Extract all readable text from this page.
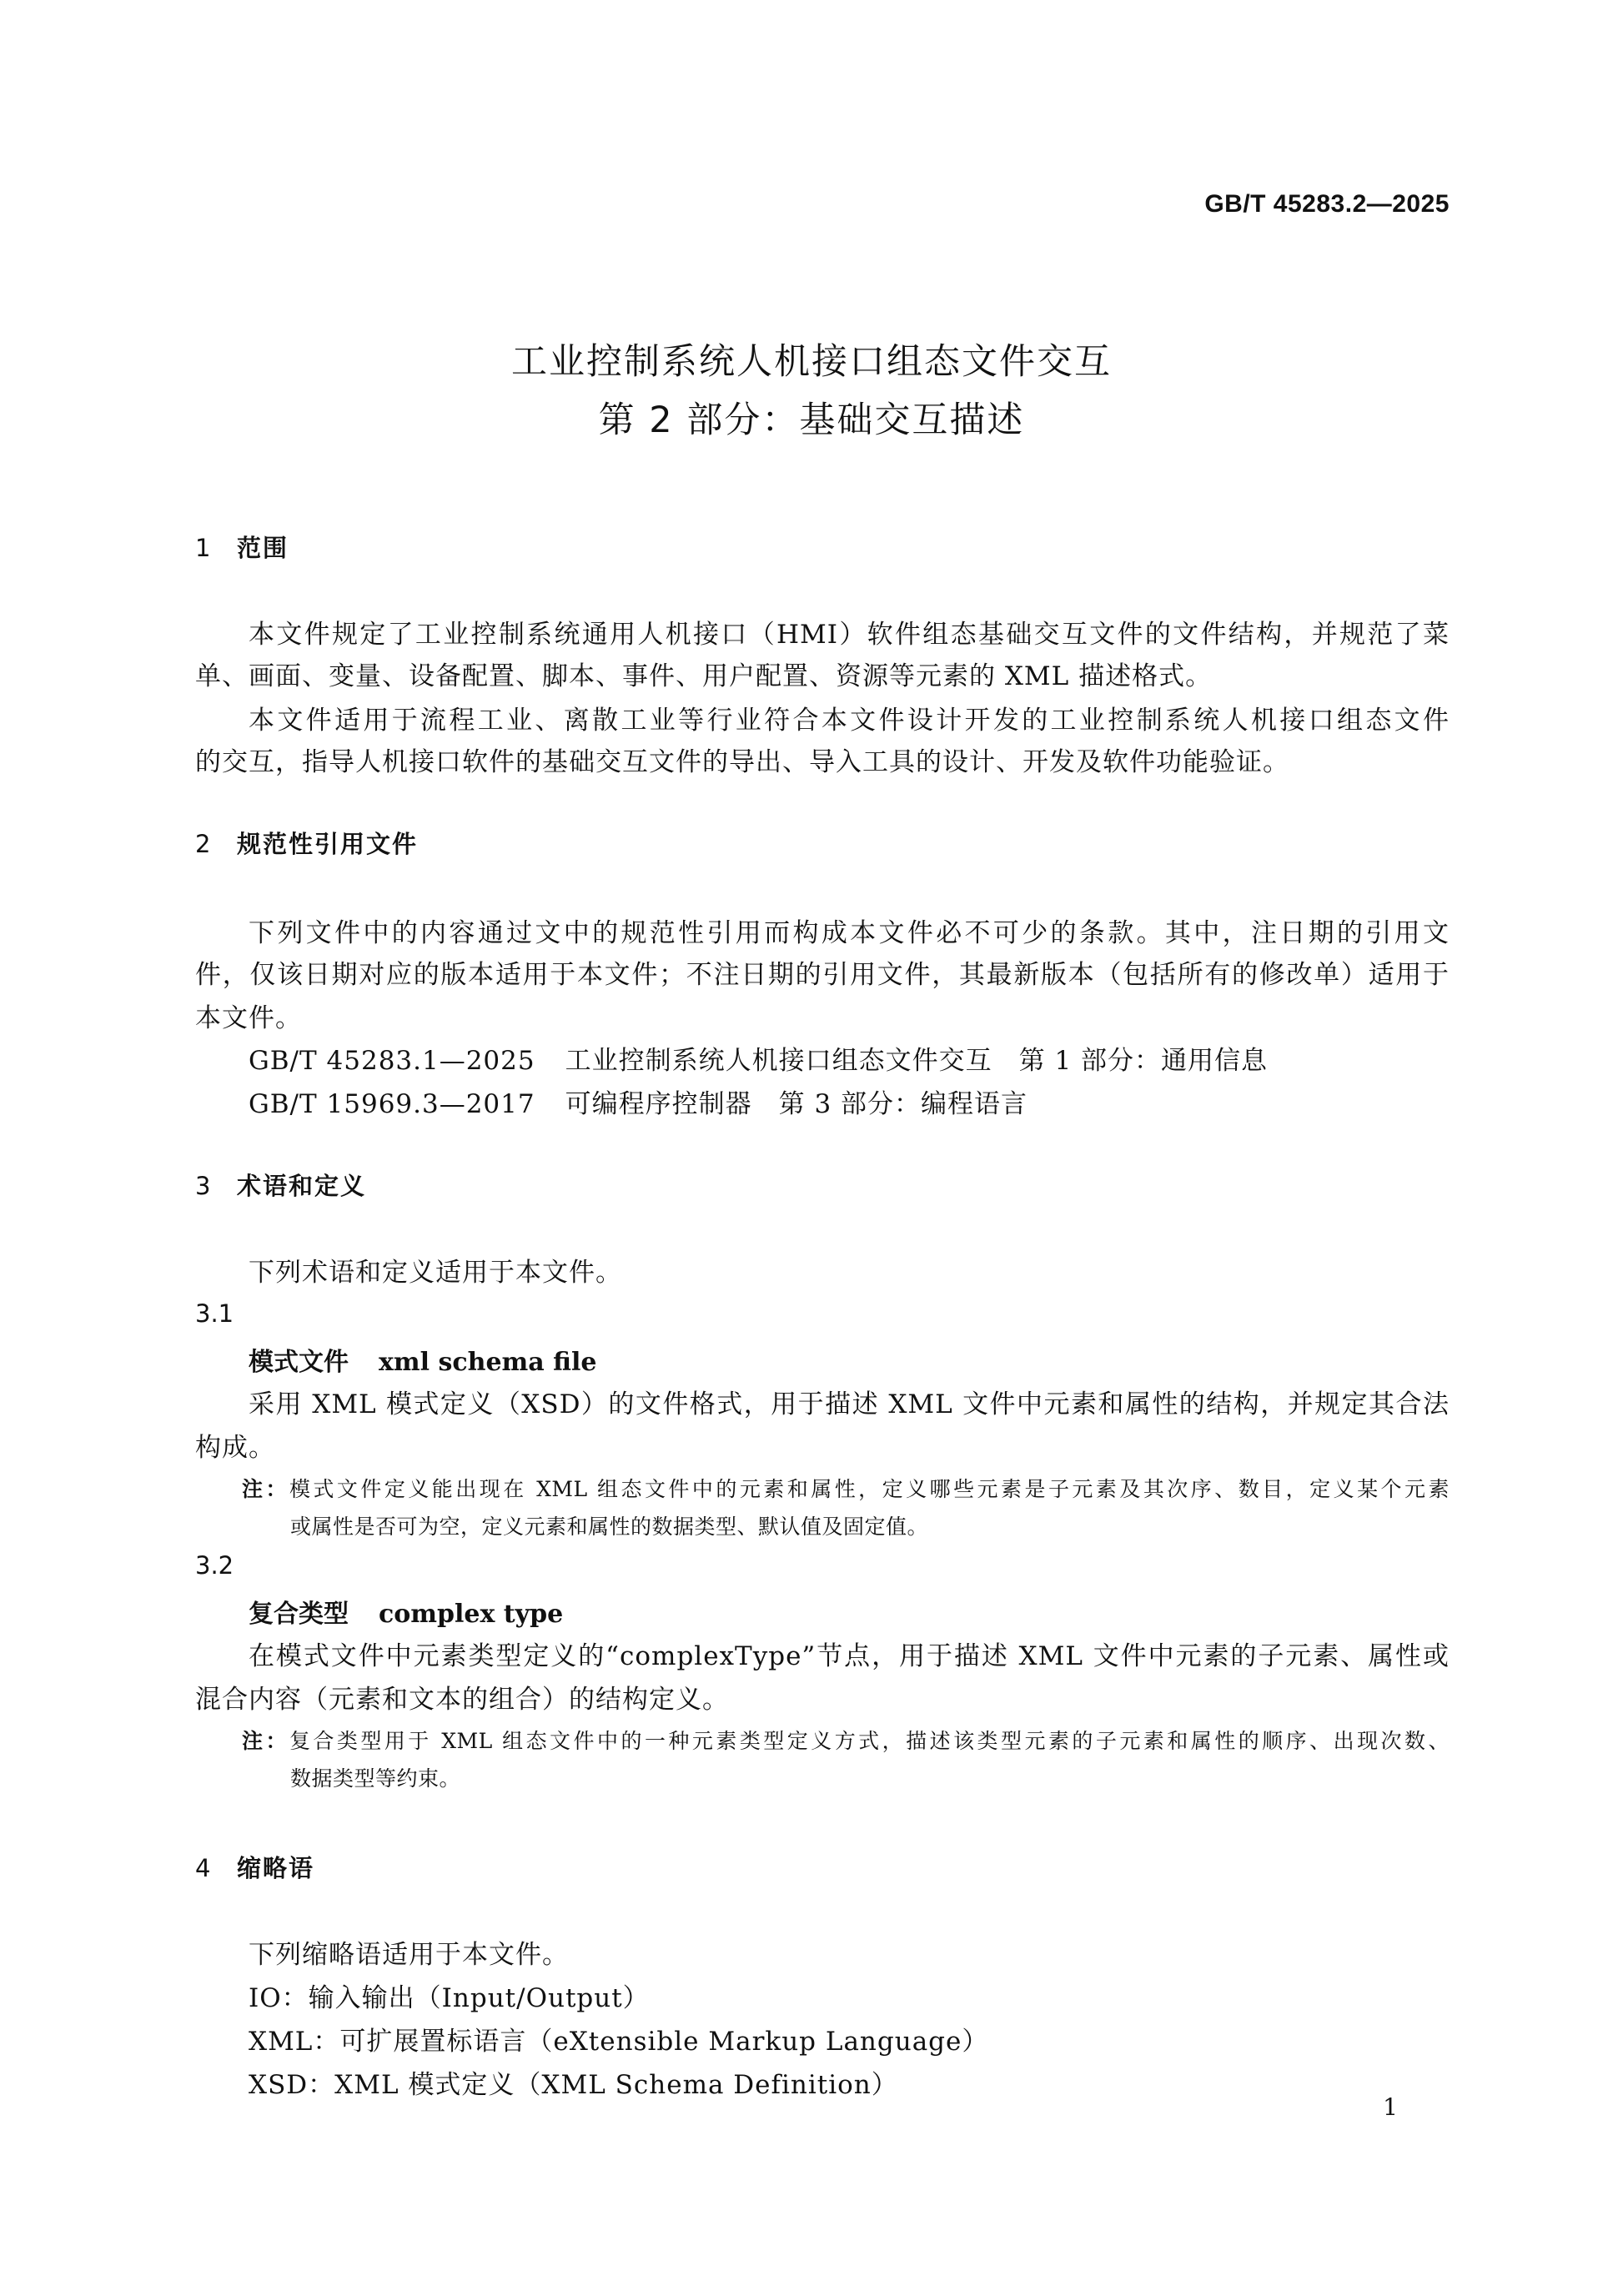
GB/T 45283.2—2025
工业控制系统人机接口组态文件交互
第 2 部分：基础交互描述
1 范围
本文件规定了工业控制系统通用人机接口（HMI）软件组态基础交互文件的文件结构，并规范了菜
单、画面、变量、设备配置、脚本、事件、用户配置、资源等元素的 XML 描述格式。
本文件适用于流程工业、离散工业等行业符合本文件设计开发的工业控制系统人机接口组态文件
的交互，指导人机接口软件的基础交互文件的导出、导入工具的设计、开发及软件功能验证。
2 规范性引用文件
下列文件中的内容通过文中的规范性引用而构成本文件必不可少的条款。其中，注日期的引用文
件，仅该日期对应的版本适用于本文件；不注日期的引用文件，其最新版本（包括所有的修改单）适用于
本文件。
GB/T 45283.1—2025 工业控制系统人机接口组态文件交互　第 1 部分：通用信息
GB/T 15969.3—2017 可编程序控制器　第 3 部分：编程语言
3 术语和定义
下列术语和定义适用于本文件。
3.1
模式文件 xml schema file
采用 XML 模式定义（XSD）的文件格式，用于描述 XML 文件中元素和属性的结构，并规定其合法
构成。
注：模式文件定义能出现在 XML 组态文件中的元素和属性，定义哪些元素是子元素及其次序、数目，定义某个元素
或属性是否可为空，定义元素和属性的数据类型、默认值及固定值。
3.2
复合类型 complex type
在模式文件中元素类型定义的“complexType”节点，用于描述 XML 文件中元素的子元素、属性或
混合内容（元素和文本的组合）的结构定义。
注：复合类型用于 XML 组态文件中的一种元素类型定义方式，描述该类型元素的子元素和属性的顺序、出现次数、
数据类型等约束。
4 缩略语
下列缩略语适用于本文件。
IO：输入输出（Input/Output）
XML：可扩展置标语言（eXtensible Markup Language）
XSD：XML 模式定义（XML Schema Definition）
1
